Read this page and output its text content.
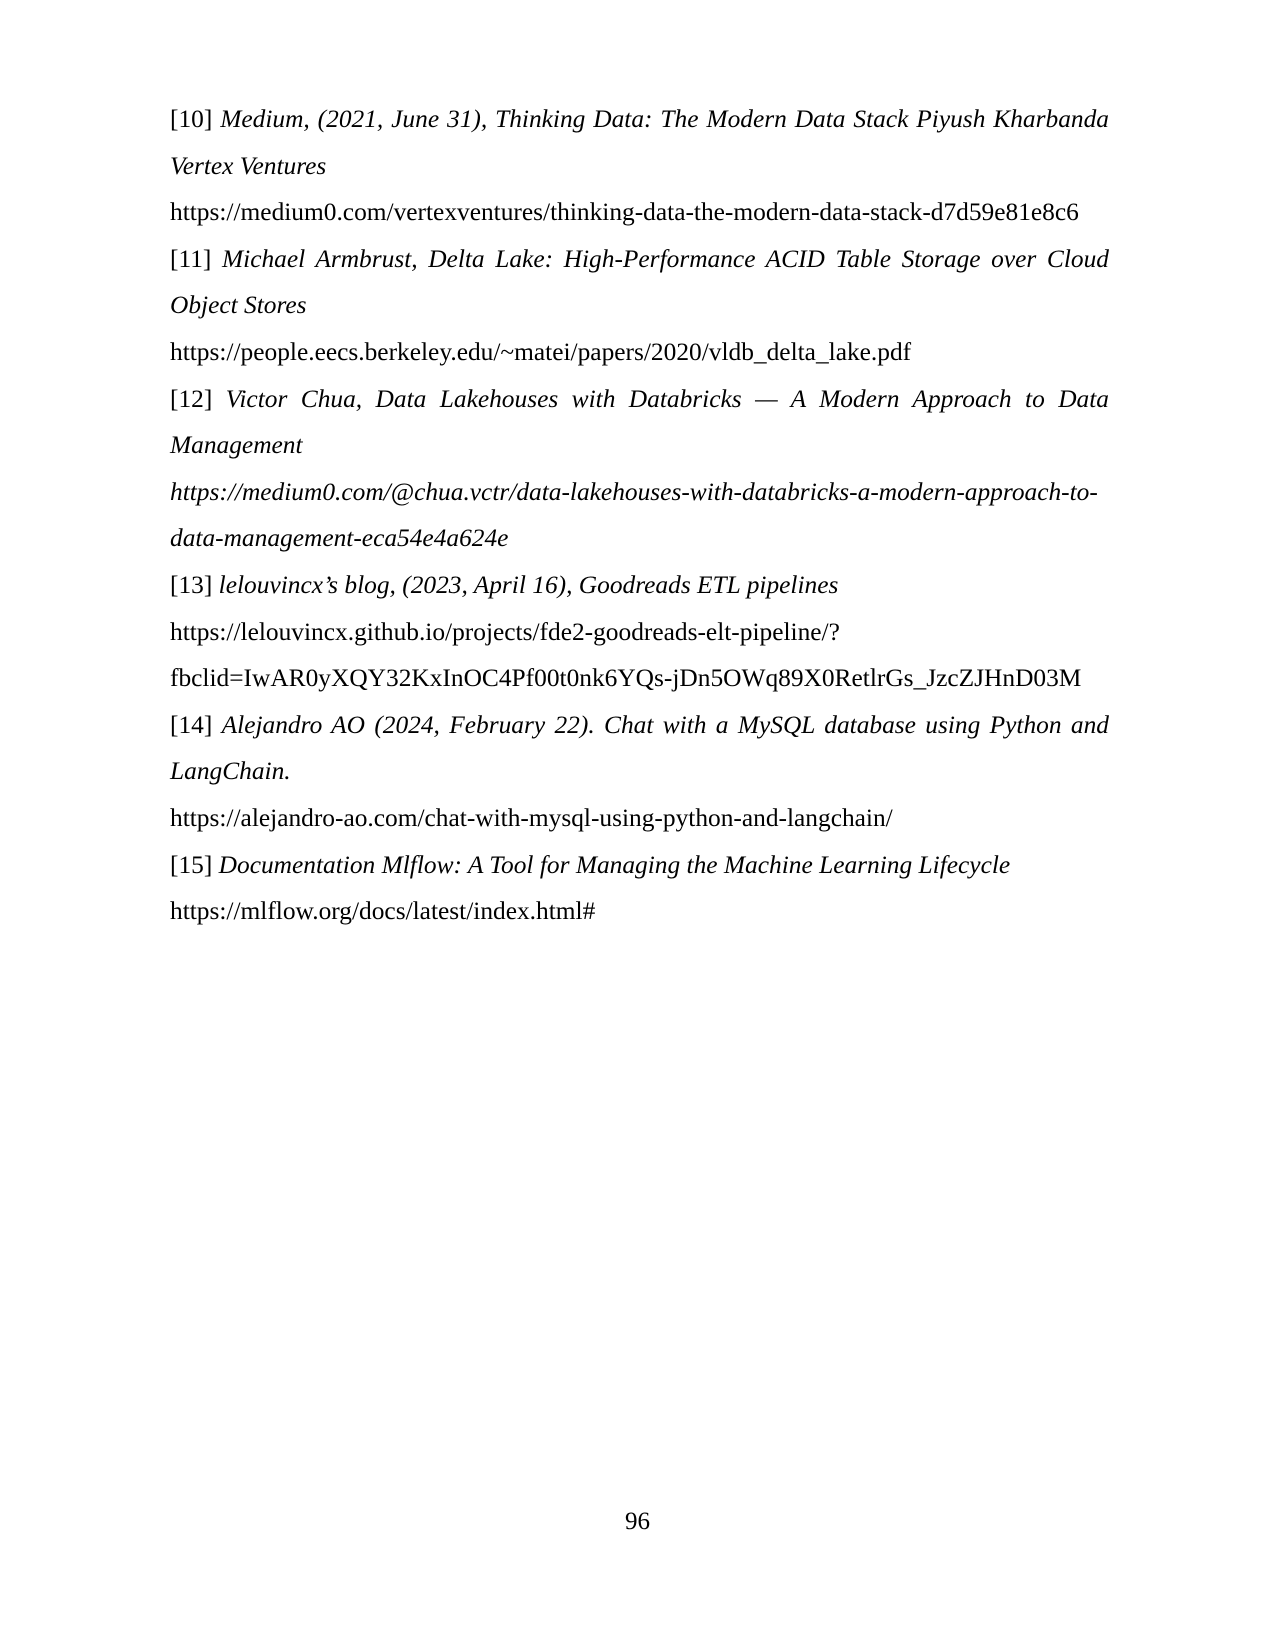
[10] Medium, (2021, June 31), Thinking Data: The Modern Data Stack Piyush Kharbanda Vertex Ventures

https://medium0.com/vertexventures/thinking-data-the-modern-data-stack-d7d59e81e8c6

[11] Michael Armbrust, Delta Lake: High-Performance ACID Table Storage over Cloud Object Stores

https://people.eecs.berkeley.edu/~matei/papers/2020/vldb_delta_lake.pdf

[12] Victor Chua, Data Lakehouses with Databricks — A Modern Approach to Data Management

https://medium0.com/@chua.vctr/data-lakehouses-with-databricks-a-modern-approach-to-data-management-eca54e4a624e

[13] lelouvincx’s blog, (2023, April 16), Goodreads ETL pipelines

https://lelouvincx.github.io/projects/fde2-goodreads-elt-pipeline/?fbclid=IwAR0yXQY32KxInOC4Pf00t0nk6YQs-jDn5OWq89X0RetlrGs_JzcZJHnD03M

[14] Alejandro AO (2024, February 22). Chat with a MySQL database using Python and LangChain.

https://alejandro-ao.com/chat-with-mysql-using-python-and-langchain/

[15] Documentation Mlflow: A Tool for Managing the Machine Learning Lifecycle

https://mlflow.org/docs/latest/index.html#

96
